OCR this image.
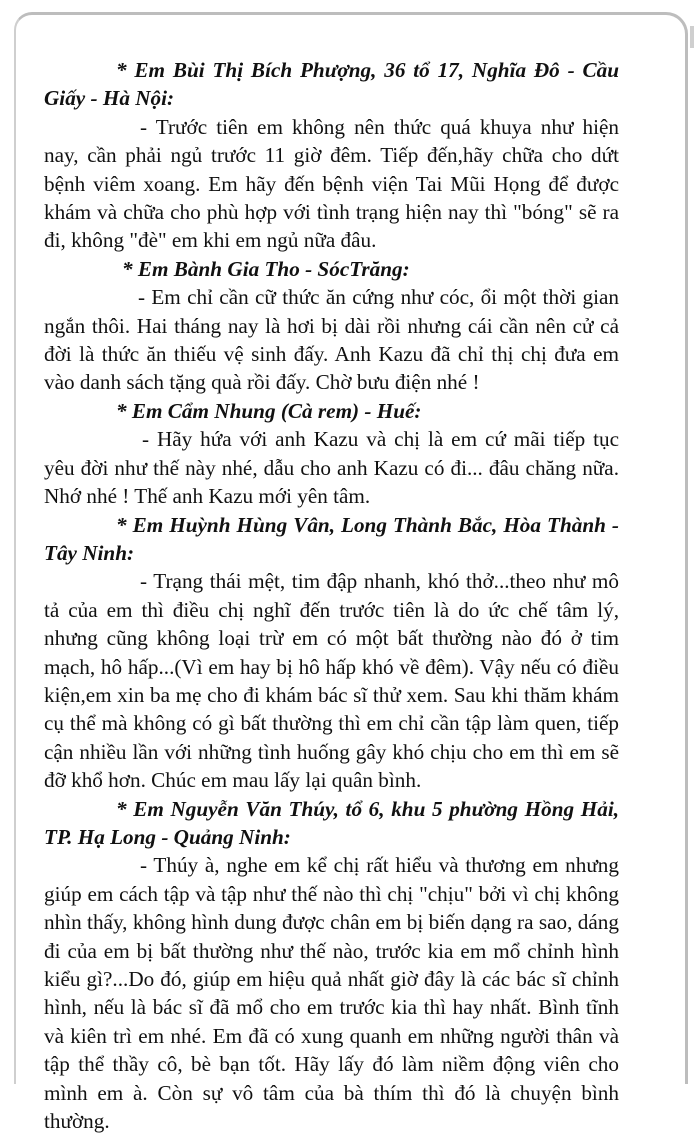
* Em Bùi Thị Bích Phượng, 36 tổ 17, Nghĩa Đô - Cầu Giấy - Hà Nội:

- Trước tiên em không nên thức quá khuya như hiện nay, cần phải ngủ trước 11 giờ đêm. Tiếp đến,hãy chữa cho dứt bệnh viêm xoang. Em hãy đến bệnh viện Tai Mũi Họng để được khám và chữa cho phù hợp với tình trạng hiện nay thì "bóng" sẽ ra đi, không "đè" em khi em ngủ nữa đâu.

* Em Bành Gia Tho - SócTrăng:

- Em chỉ cần cữ thức ăn cứng như cóc, ổi một thời gian ngắn thôi. Hai tháng nay là hơi bị dài rồi nhưng cái cần nên cử cả đời là thức ăn thiếu vệ sinh đấy. Anh Kazu đã chỉ thị chị đưa em vào danh sách tặng quà rồi đấy. Chờ bưu điện nhé !

* Em Cẩm Nhung (Cà rem) - Huế:

- Hãy hứa với anh Kazu và chị là em cứ mãi tiếp tục yêu đời như thế này nhé, dẫu cho anh Kazu có đi... đâu chăng nữa. Nhớ nhé ! Thế anh Kazu mới yên tâm.

* Em Huỳnh Hùng Vân, Long Thành Bắc, Hòa Thành - Tây Ninh:

- Trạng thái mệt, tim đập nhanh, khó thở...theo như mô tả của em thì điều chị nghĩ đến trước tiên là do ức chế tâm lý, nhưng cũng không loại trừ em có một bất thường nào đó ở tim mạch, hô hấp...(Vì em hay bị hô hấp khó về đêm). Vậy nếu có điều kiện,em xin ba mẹ cho đi khám bác sĩ thử xem. Sau khi thăm khám cụ thể mà không có gì bất thường thì em chỉ cần tập làm quen, tiếp cận nhiều lần với những tình huống gây khó chịu cho em thì em sẽ đỡ khổ hơn. Chúc em mau lấy lại quân bình.

* Em Nguyễn Văn Thúy, tổ 6, khu 5 phường Hồng Hải, TP. Hạ Long - Quảng Ninh:

- Thúy à, nghe em kể chị rất hiểu và thương em nhưng giúp em cách tập và tập như thế nào thì chị "chịu" bởi vì chị không nhìn thấy, không hình dung được chân em bị biến dạng ra sao, dáng đi của em bị bất thường như thế nào, trước kia em mổ chỉnh hình kiểu gì?...Do đó, giúp em hiệu quả nhất giờ đây là các bác sĩ chỉnh hình, nếu là bác sĩ đã mổ cho em trước kia thì hay nhất. Bình tĩnh và kiên trì em nhé. Em đã có xung quanh em những người thân và tập thể thầy cô, bè bạn tốt. Hãy lấy đó làm niềm động viên cho mình em à. Còn sự vô tâm của bà thím thì đó là chuyện bình thường.
